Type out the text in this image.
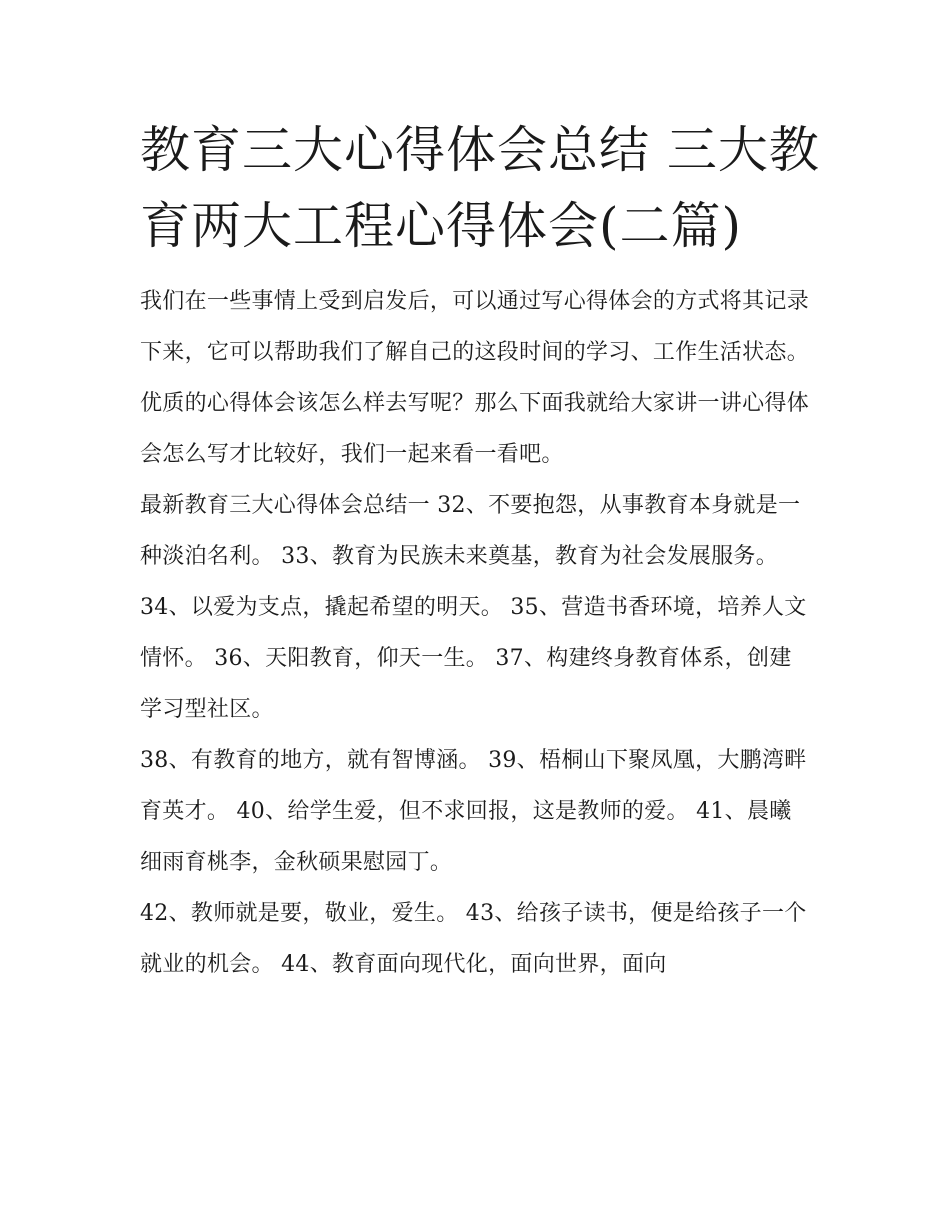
教育三大心得体会总结 三大教育两大工程心得体会(二篇)

我们在一些事情上受到启发后，可以通过写心得体会的方式将其记录下来，它可以帮助我们了解自己的这段时间的学习、工作生活状态。优质的心得体会该怎么样去写呢？那么下面我就给大家讲一讲心得体会怎么写才比较好，我们一起来看一看吧。

最新教育三大心得体会总结一 32、不要抱怨，从事教育本身就是一种淡泊名利。 33、教育为民族未来奠基，教育为社会发展服务。

34、以爱为支点，撬起希望的明天。 35、营造书香环境，培养人文情怀。 36、天阳教育，仰天一生。 37、构建终身教育体系，创建学习型社区。

38、有教育的地方，就有智博涵。 39、梧桐山下聚凤凰，大鹏湾畔育英才。 40、给学生爱，但不求回报，这是教师的爱。 41、晨曦细雨育桃李，金秋硕果慰园丁。

42、教师就是要，敬业，爱生。 43、给孩子读书，便是给孩子一个就业的机会。 44、教育面向现代化，面向世界，面向
